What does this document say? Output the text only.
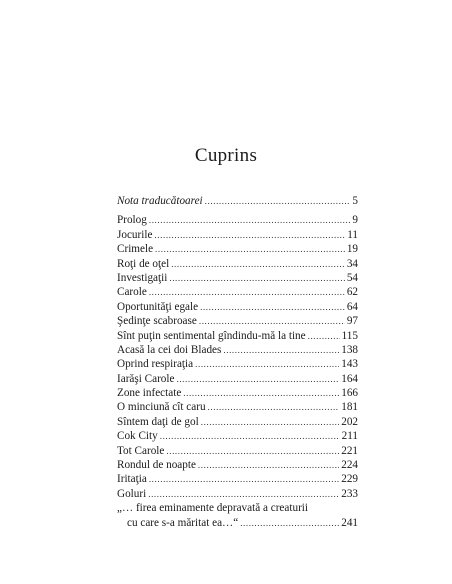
Cuprins
Nota traducătoarei .....	5
Prolog .....	9
Jocurile .....	11
Crimele .....	19
Roţi de oţel .....	34
Investigaţii .....	54
Carole .....	62
Oportunităţi egale .....	64
Şedinţe scabroase .....	97
Sînt puţin sentimental gîndindu-mă la tine .....	115
Acasă la cei doi Blades .....	138
Oprind respiraţia .....	143
Iarăşi Carole .....	164
Zone infectate .....	166
O minciună cît caru .....	181
Sîntem daţi de gol .....	202
Cok City .....	211
Tot Carole .....	221
Rondul de noapte .....	224
Iritaţia .....	229
Goluri .....	233
„… firea eminamente depravată a creaturii
cu care s-a măritat ea…“ .....	241
